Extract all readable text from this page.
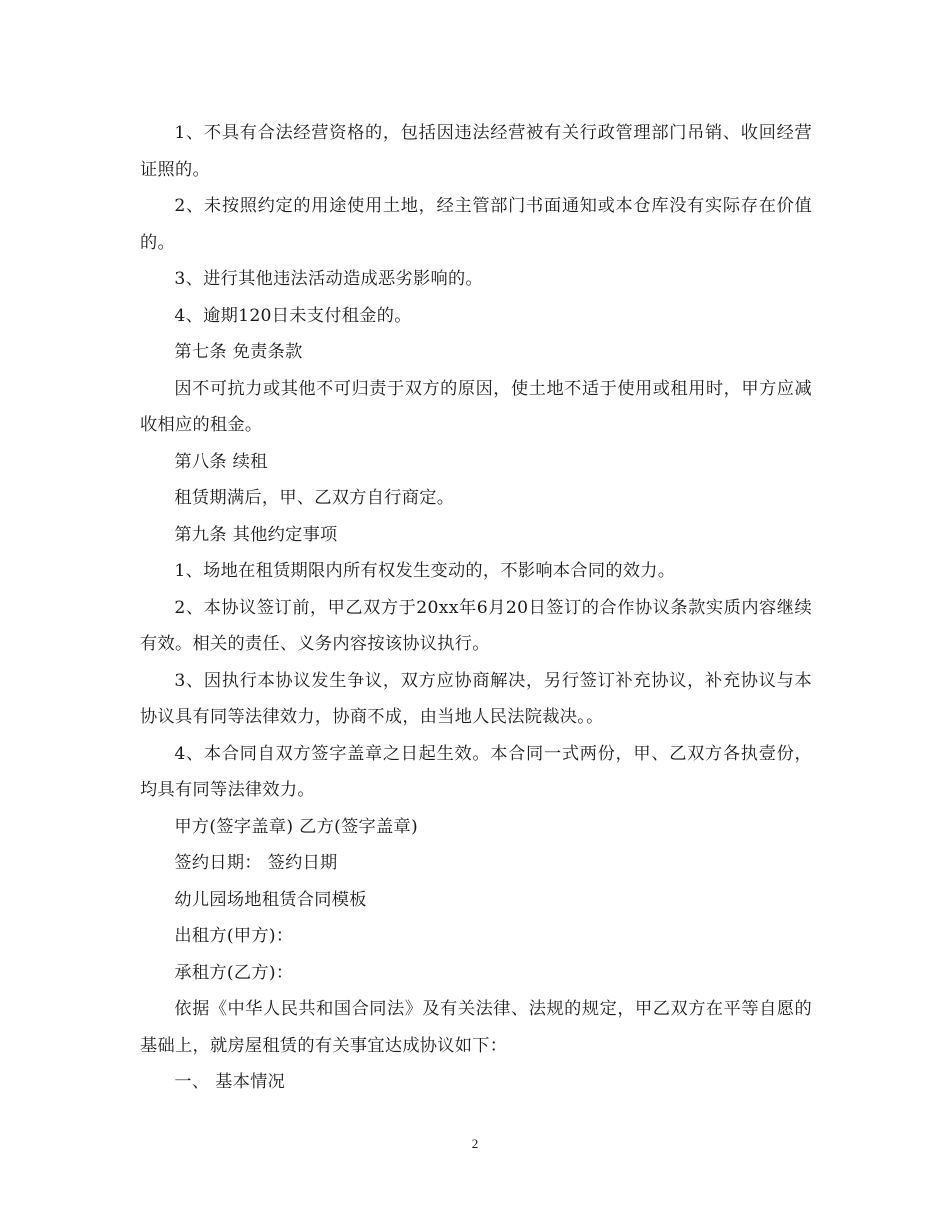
1、不具有合法经营资格的，包括因违法经营被有关行政管理部门吊销、收回经营证照的。

2、未按照约定的用途使用土地，经主管部门书面通知或本仓库没有实际存在价值的。

3、进行其他违法活动造成恶劣影响的。

4、逾期120日未支付租金的。

第七条 免责条款

因不可抗力或其他不可归责于双方的原因，使土地不适于使用或租用时，甲方应减收相应的租金。

第八条 续租

租赁期满后，甲、乙双方自行商定。

第九条 其他约定事项

1、场地在租赁期限内所有权发生变动的，不影响本合同的效力。

2、本协议签订前，甲乙双方于20xx年6月20日签订的合作协议条款实质内容继续有效。相关的责任、义务内容按该协议执行。

3、因执行本协议发生争议，双方应协商解决，另行签订补充协议，补充协议与本协议具有同等法律效力，协商不成，由当地人民法院裁决。。

4、本合同自双方签字盖章之日起生效。本合同一式两份，甲、乙双方各执壹份，均具有同等法律效力。

甲方(签字盖章) 乙方(签字盖章)

签约日期： 签约日期

幼儿园场地租赁合同模板

出租方(甲方)：

承租方(乙方)：

依据《中华人民共和国合同法》及有关法律、法规的规定，甲乙双方在平等自愿的基础上，就房屋租赁的有关事宜达成协议如下：

一、 基本情况

2
